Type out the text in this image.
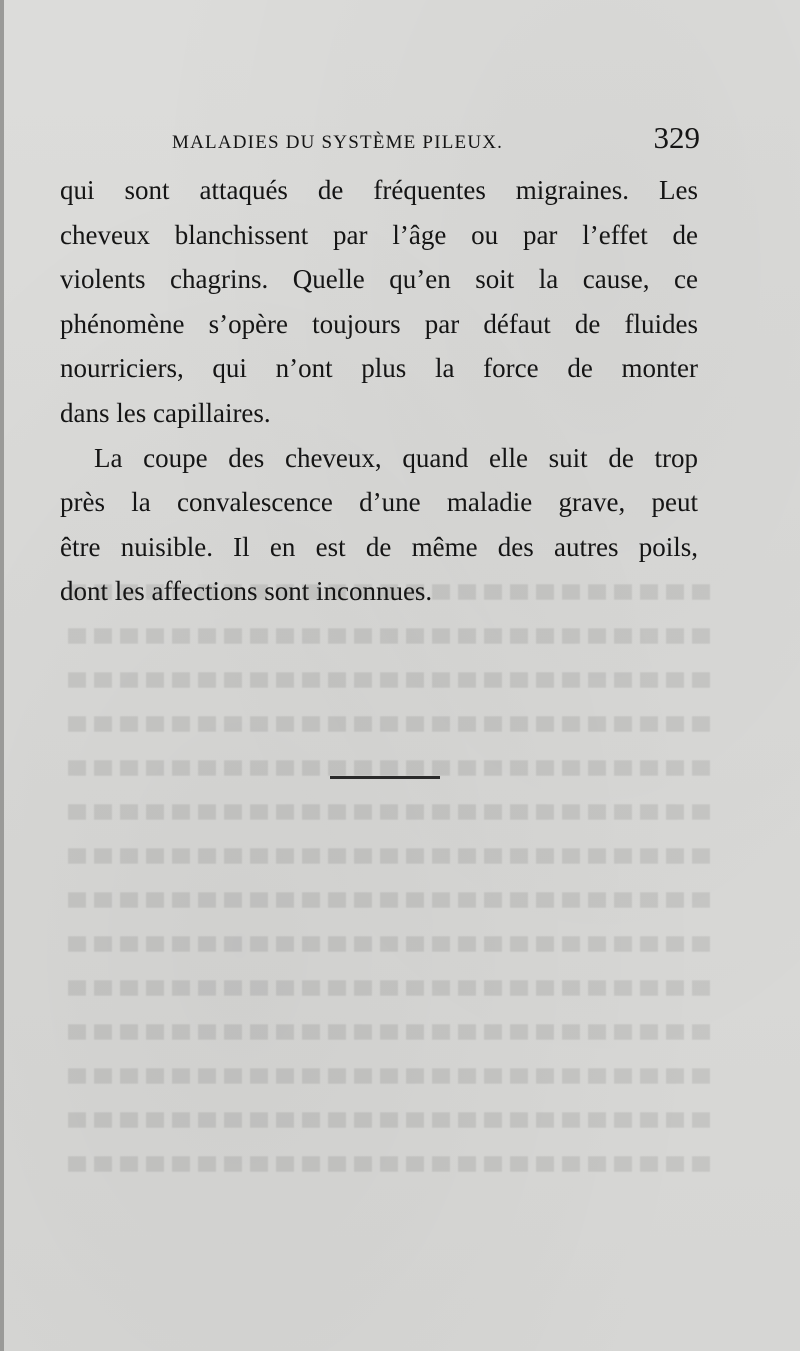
MALADIES DU SYSTÈME PILEUX.	329

qui sont attaqués de fréquentes migraines. Les
cheveux blanchissent par l’âge ou par l’effet de
violents chagrins. Quelle qu’en soit la cause, ce
phénomène s’opère toujours par défaut de fluides
nourriciers, qui n’ont plus la force de monter
dans les capillaires.

La coupe des cheveux, quand elle suit de trop
près la convalescence d’une maladie grave, peut
être nuisible. Il en est de même des autres poils,
dont les affections sont inconnues.
